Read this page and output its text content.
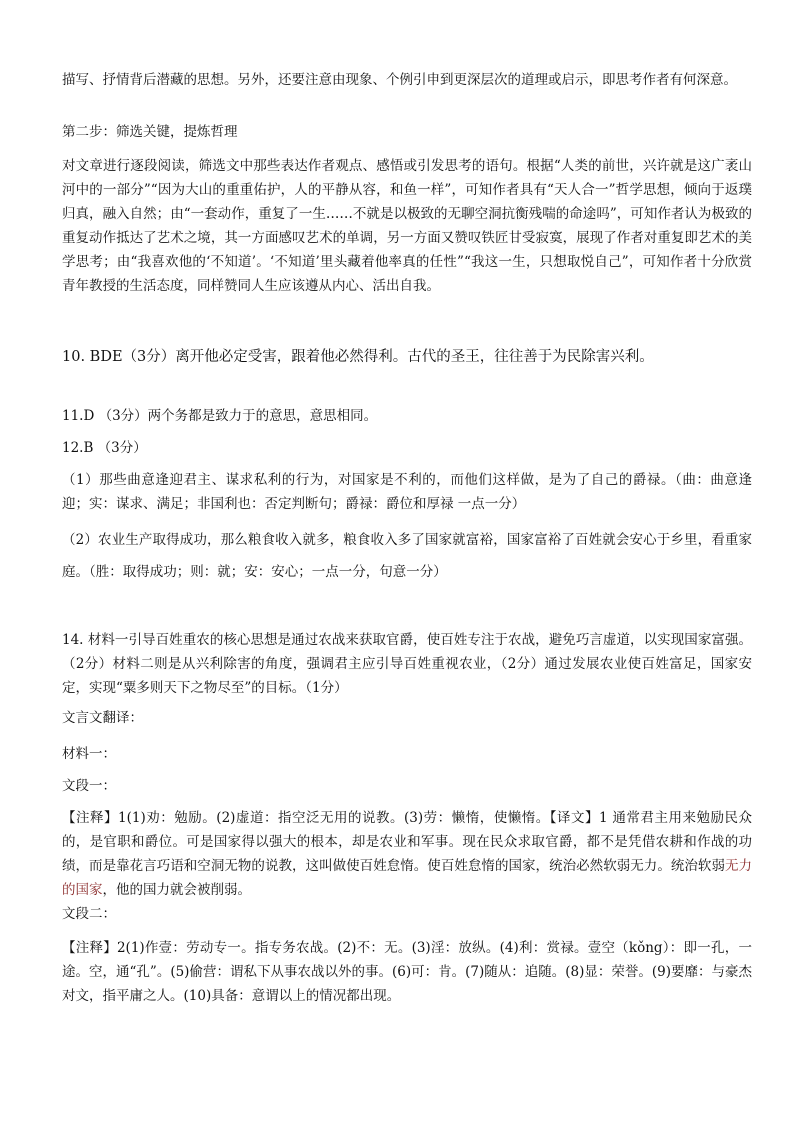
描写、抒情背后潜藏的思想。另外，还要注意由现象、个例引申到更深层次的道理或启示，即思考作者有何深意。

第二步：筛选关键，提炼哲理

对文章进行逐段阅读，筛选文中那些表达作者观点、感悟或引发思考的语句。根据“人类的前世，兴许就是这广袤山河中的一部分”“因为大山的重重佑护，人的平静从容，和鱼一样”，可知作者具有“天人合一”哲学思想，倾向于返璞归真，融入自然；由“一套动作，重复了一生……不就是以极致的无聊空洞抗衡残喘的命途吗”，可知作者认为极致的重复动作抵达了艺术之境，其一方面感叹艺术的单调，另一方面又赞叹铁匠甘受寂寞，展现了作者对重复即艺术的美学思考；由“我喜欢他的‘不知道’。‘不知道’里头藏着他率真的任性”“我这一生，只想取悦自己”，可知作者十分欣赏青年教授的生活态度，同样赞同人生应该遵从内心、活出自我。

10. BDE（3分）离开他必定受害，跟着他必然得利。古代的圣王，往往善于为民除害兴利。

11.D （3分）两个务都是致力于的意思，意思相同。

12.B （3分）

（1）那些曲意逢迎君主、谋求私利的行为，对国家是不利的，而他们这样做，是为了自己的爵禄。（曲：曲意逢迎；实：谋求、满足；非国利也：否定判断句；爵禄：爵位和厚禄 一点一分）

（2）农业生产取得成功，那么粮食收入就多，粮食收入多了国家就富裕，国家富裕了百姓就会安心于乡里，看重家庭。（胜：取得成功；则：就；安：安心；一点一分，句意一分）

14. 材料一引导百姓重农的核心思想是通过农战来获取官爵，使百姓专注于农战，避免巧言虚道，以实现国家富强。（2分）材料二则是从兴利除害的角度，强调君主应引导百姓重视农业，（2分）通过发展农业使百姓富足，国家安定，实现“粟多则天下之物尽至”的目标。（1分）

文言文翻译：

材料一：

文段一：

【注释】1(1)劝：勉励。(2)虚道：指空泛无用的说教。(3)劳：懒惰，使懒惰。【译文】1 通常君主用来勉励民众的，是官职和爵位。可是国家得以强大的根本，却是农业和军事。现在民众求取官爵，都不是凭借农耕和作战的功绩，而是靠花言巧语和空洞无物的说教，这叫做使百姓怠惰。使百姓怠惰的国家，统治必然软弱无力。统治软弱无力的国家，他的国力就会被削弱。

文段二：

【注释】2(1)作壹：劳动专一。指专务农战。(2)不：无。(3)淫：放纵。(4)利：赏禄。壹空（kǒng）：即一孔，一途。空，通“孔”。(5)偷营：谓私下从事农战以外的事。(6)可：肯。(7)随从：追随。(8)显：荣誉。(9)要靡：与豪杰对文，指平庸之人。(10)具备：意谓以上的情况都出现。
